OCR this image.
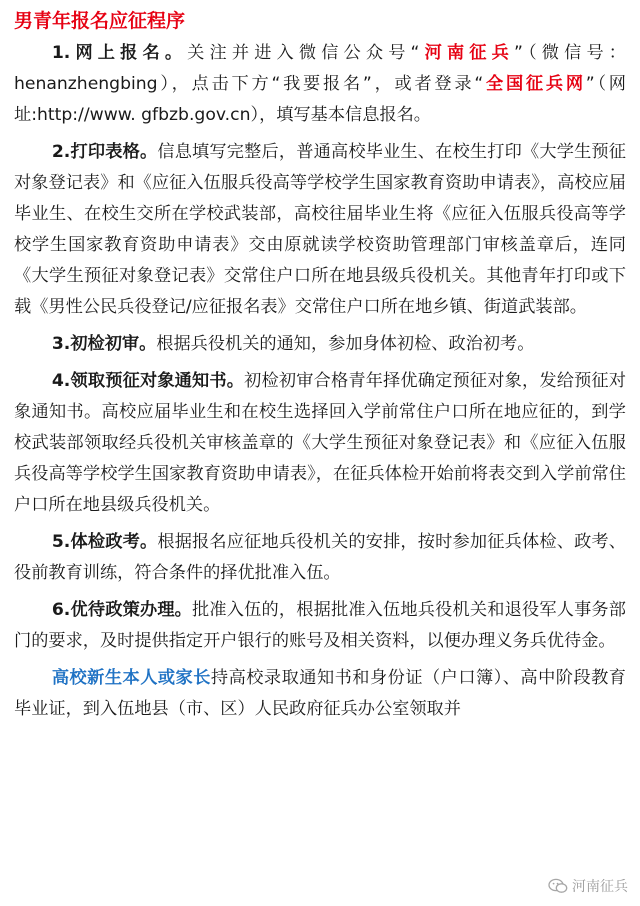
男青年报名应征程序

1.网上报名。关注并进入微信公众号“河南征兵”（微信号：henanzhengbing），点击下方“我要报名”，或者登录“全国征兵网”（网址:http://www. gfbzb.gov.cn），填写基本信息报名。

2.打印表格。信息填写完整后，普通高校毕业生、在校生打印《大学生预征对象登记表》和《应征入伍服兵役高等学校学生国家教育资助申请表》，高校应届毕业生、在校生交所在学校武装部，高校往届毕业生将《应征入伍服兵役高等学校学生国家教育资助申请表》交由原就读学校资助管理部门审核盖章后，连同《大学生预征对象登记表》交常住户口所在地县级兵役机关。其他青年打印或下载《男性公民兵役登记/应征报名表》交常住户口所在地乡镇、街道武装部。

3.初检初审。根据兵役机关的通知，参加身体初检、政治初考。

4.领取预征对象通知书。初检初审合格青年择优确定预征对象，发给预征对象通知书。高校应届毕业生和在校生选择回入学前常住户口所在地应征的，到学校武装部领取经兵役机关审核盖章的《大学生预征对象登记表》和《应征入伍服兵役高等学校学生国家教育资助申请表》，在征兵体检开始前将表交到入学前常住户口所在地县级兵役机关。

5.体检政考。根据报名应征地兵役机关的安排，按时参加征兵体检、政考、役前教育训练，符合条件的择优批准入伍。

6.优待政策办理。批准入伍的，根据批准入伍地兵役机关和退役军人事务部门的要求，及时提供指定开户银行的账号及相关资料，以便办理义务兵优待金。

高校新生本人或家长持高校录取通知书和身份证（户口簿）、高中阶段教育毕业证，到入伍地县（市、区）人民政府征兵办公室领取并

河南征兵
